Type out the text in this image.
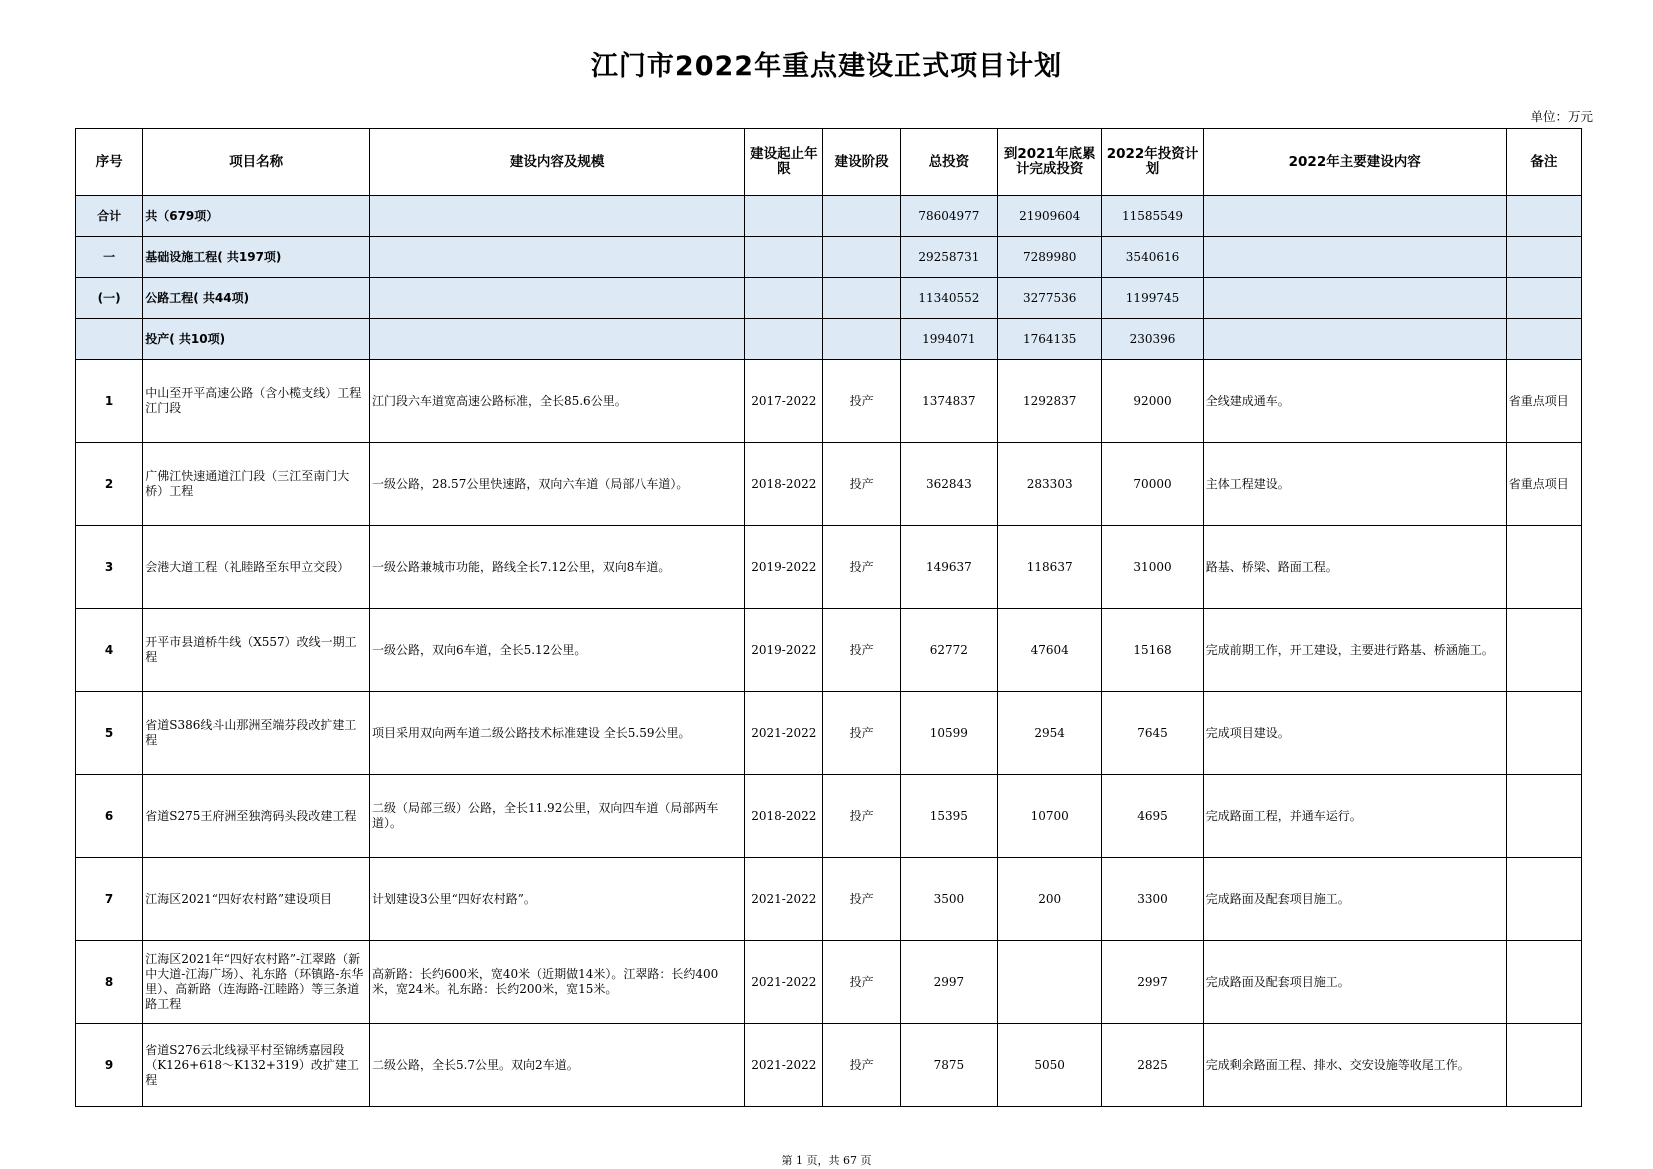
江门市2022年重点建设正式项目计划
单位：万元
序号	项目名称	建设内容及规模	建设起止年限	建设阶段	总投资	到2021年底累计完成投资	2022年投资计划	2022年主要建设内容	备注
合计	共（679项）				78604977	21909604	11585549		
一	基础设施工程( 共197项)				29258731	7289980	3540616		
(一)	公路工程( 共44项)				11340552	3277536	1199745		
	投产( 共10项)				1994071	1764135	230396		
1	中山至开平高速公路（含小榄支线）工程江门段	江门段六车道宽高速公路标准，全长85.6公里。	2017-2022	投产	1374837	1292837	92000	全线建成通车。	省重点项目
2	广佛江快速通道江门段（三江至南门大桥）工程	一级公路，28.57公里快速路，双向六车道（局部八车道）。	2018-2022	投产	362843	283303	70000	主体工程建设。	省重点项目
3	会港大道工程（礼睦路至东甲立交段）	一级公路兼城市功能，路线全长7.12公里，双向8车道。	2019-2022	投产	149637	118637	31000	路基、桥梁、路面工程。	
4	开平市县道桥牛线（X557）改线一期工程	一级公路，双向6车道，全长5.12公里。	2019-2022	投产	62772	47604	15168	完成前期工作，开工建设，主要进行路基、桥涵施工。	
5	省道S386线斗山那洲至端芬段改扩建工程	项目采用双向两车道二级公路技术标准建设 全长5.59公里。	2021-2022	投产	10599	2954	7645	完成项目建设。	
6	省道S275王府洲至独湾码头段改建工程	二级（局部三级）公路，全长11.92公里，双向四车道（局部两车道）。	2018-2022	投产	15395	10700	4695	完成路面工程，并通车运行。	
7	江海区2021“四好农村路”建设项目	计划建设3公里“四好农村路”。	2021-2022	投产	3500	200	3300	完成路面及配套项目施工。	
8	江海区2021年“四好农村路”-江翠路（新中大道-江海广场）、礼东路（环镇路-东华里）、高新路（连海路-江睦路）等三条道路工程	高新路：长约600米，宽40米（近期做14米）。江翠路：长约400米，宽24米。礼东路：长约200米，宽15米。	2021-2022	投产	2997		2997	完成路面及配套项目施工。	
9	省道S276云北线禄平村至锦绣嘉园段（K126+618～K132+319）改扩建工程	二级公路，全长5.7公里。双向2车道。	2021-2022	投产	7875	5050	2825	完成剩余路面工程、排水、交安设施等收尾工作。	
第 1 页，共 67 页
